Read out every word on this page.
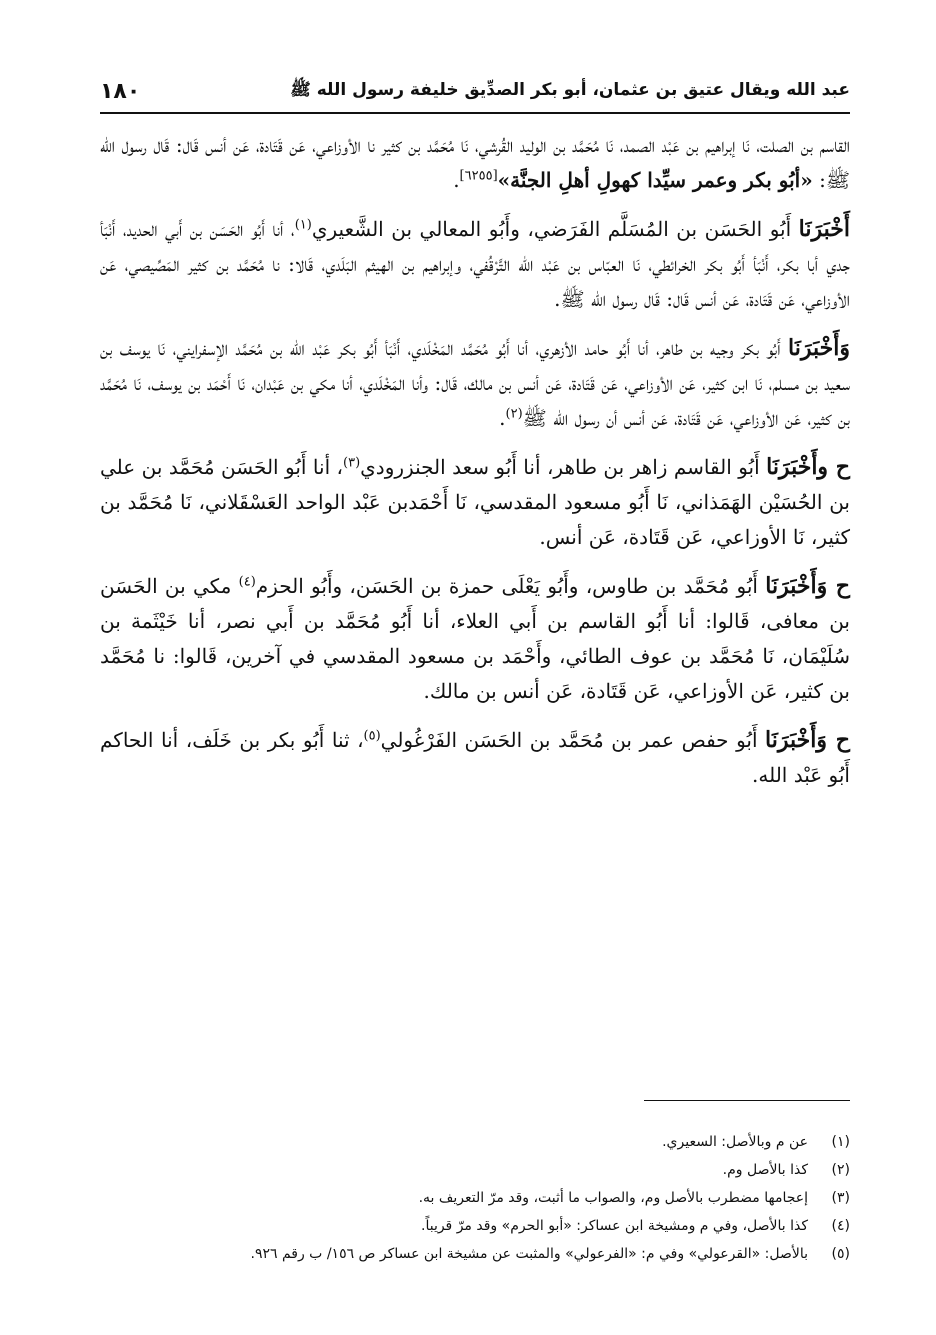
عبد الله ويقال عتيق بن عثمان، أبو بكر الصدِّيق خليفة رسول الله ﷺ
١٨٠

القاسم بن الصلت، نَا إبراهيم بن عَبْد الصمد، نَا مُحَمَّد بن الوليد القُرشي، نَا مُحَمَّد بن كثير نا الأوزاعي، عَن قَتَادة، عَن أنس قَال: قَال رسول الله ﷺ: «أبُو بكر وعمر سيِّدا كهولِ أهلِ الجنَّة»[٦٢٥٥].

أَخْبَرَنَا أَبُو الحَسَن بن المُسَلَّم الفَرَضي، وأَبُو المعالي بن الشَّعيري$^{(١)}$، أنا أَبُو الحَسَن بن أَبي الحديد، أَنْبَأ جدي أبا بكر، أَنْبَأ أَبُو بكر الخرائطي، نَا العبّاس بن عَبْد الله التَّرْقُفي، وإبراهيم بن الهيثم البَلَدي، قَالا: نا مُحَمَّد بن كثير المَصِّيصي، عَن الأوزاعي، عَن قَتَادة، عَن أنس قَال: قَال رسول الله ﷺ.

وَأَخْبَرَنَا أَبُو بكر وجيه بن طاهر، أنا أَبُو حامد الأزهري، أنا أَبُو مُحَمَّد المَخْلَدي، أَنْبَأ أَبُو بكر عَبْد الله بن مُحَمَّد الإسفرايني، نَا يوسف بن سعيد بن مسلم، نَا ابن كثير، عَن الأوزاعي، عَن قَتَادة، عَن أنس بن مالك، قَال: وأنا المَخْلَدي، أنا مكي بن عَبْدان، نَا أَحْمَد بن يوسف، نَا مُحَمَّد بن كثير، عَن الأوزاعي، عَن قَتَادة، عَن أنس أن رسول الله ﷺ$^{(٢)}$.

ح وأَخْبَرَنَا أَبُو القاسم زاهر بن طاهر، أنا أَبُو سعد الجنزرودي$^{(٣)}$، أنا أَبُو الحَسَن مُحَمَّد بن علي بن الحُسَيْن الهَمَذاني، نَا أَبُو مسعود المقدسي، نَا أَحْمَدبن عَبْد الواحد العَسْقَلاني، نَا مُحَمَّد بن كثير، نَا الأوزاعي، عَن قَتَادة، عَن أنس.

ح وَأَخْبَرَنَا أَبُو مُحَمَّد بن طاوس، وأَبُو يَعْلَى حمزة بن الحَسَن، وأَبُو الحزم$^{(٤)}$ مكي بن الحَسَن بن معافى، قَالوا: أنا أَبُو القاسم بن أَبي العلاء، أنا أَبُو مُحَمَّد بن أَبي نصر، أنا خَيْثَمة بن سُلَيْمَان، نَا مُحَمَّد بن عوف الطائي، وأَحْمَد بن مسعود المقدسي في آخرين، قَالوا: نا مُحَمَّد بن كثير، عَن الأوزاعي، عَن قَتَادة، عَن أنس بن مالك.

ح وَأَخْبَرَنَا أَبُو حفص عمر بن مُحَمَّد بن الحَسَن الفَرْغُولي$^{(٥)}$، ثنا أَبُو بكر بن خَلَف، أنا الحاكم أَبُو عَبْد الله.

(١)
عن م وبالأصل: السعيري.
(٢)
كذا بالأصل وم.
(٣)
إعجامها مضطرب بالأصل وم، والصواب ما أثبت، وقد مرّ التعريف به.
(٤)
كذا بالأصل، وفي م ومشيخة ابن عساكر: «أبو الحرم» وقد مرّ قريباً.
(٥)
بالأصل: «القرعولي» وفي م: «الفرعولي» والمثبت عن مشيخة ابن عساكر ص ١٥٦/ ب رقم ٩٢٦.
